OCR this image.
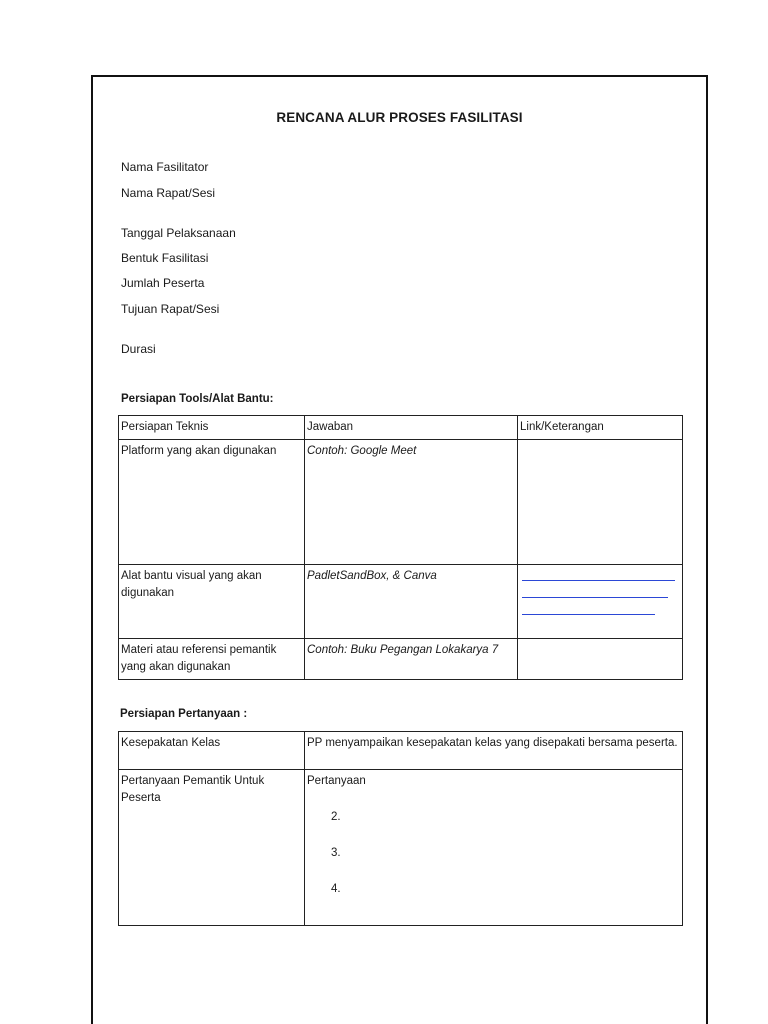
RENCANA ALUR PROSES FASILITASI
Nama Fasilitator
Nama Rapat/Sesi
Tanggal Pelaksanaan
Bentuk Fasilitasi
Jumlah Peserta
Tujuan Rapat/Sesi
Durasi
Persiapan Tools/Alat Bantu:
Persiapan Teknis	Jawaban	Link/Keterangan
Platform yang akan digunakan	Contoh: Google Meet	
Alat bantu visual yang akan digunakan	PadletSandBox, & Canva	

Materi atau referensi pemantik yang akan digunakan	Contoh: Buku Pegangan Lokakarya 7	
Persiapan Pertanyaan :
Kesepakatan Kelas	PP menyampaikan kesepakatan kelas yang disepakati bersama peserta.
Pertanyaan Pemantik Untuk Peserta	Pertanyaan
2.
3.
4.
